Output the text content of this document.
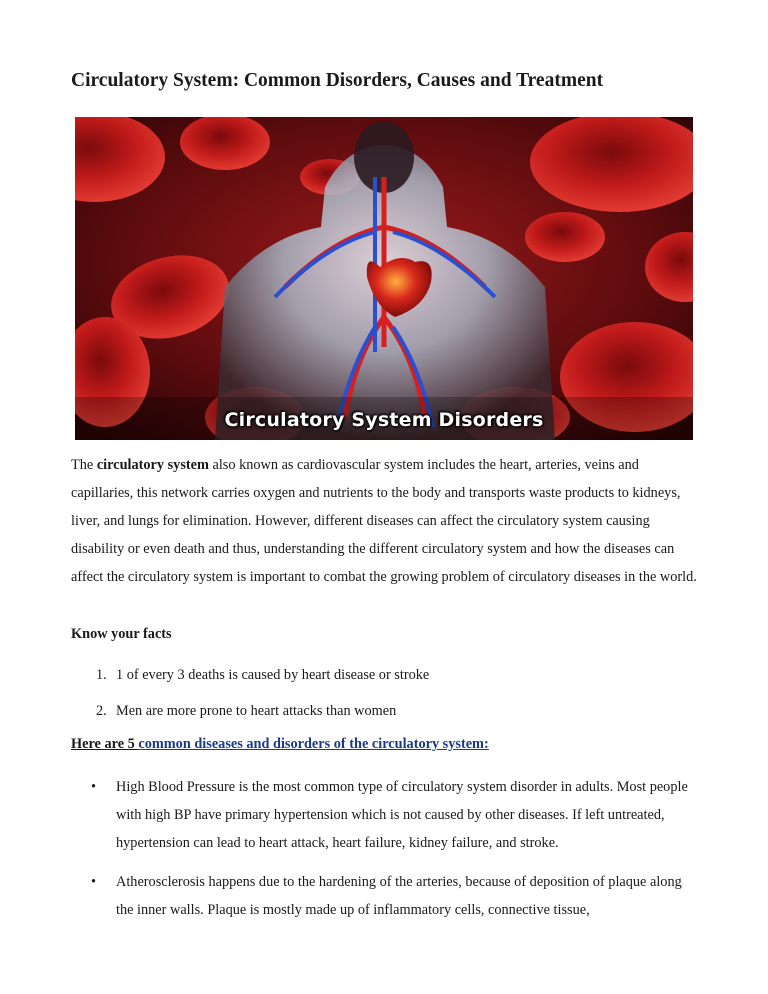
Circulatory System: Common Disorders, Causes and Treatment
Circulatory System Disorders

The circulatory system also known as cardiovascular system includes the heart, arteries, veins and capillaries, this network carries oxygen and nutrients to the body and transports waste products to kidneys, liver, and lungs for elimination. However, different diseases can affect the circulatory system causing disability or even death and thus, understanding the different circulatory system and how the diseases can affect the circulatory system is important to combat the growing problem of circulatory diseases in the world.

Know your facts

1. 1 of every 3 deaths is caused by heart disease or stroke
2. Men are more prone to heart attacks than women

Here are 5 common diseases and disorders of the circulatory system:

• High Blood Pressure is the most common type of circulatory system disorder in adults. Most people with high BP have primary hypertension which is not caused by other diseases. If left untreated, hypertension can lead to heart attack, heart failure, kidney failure, and stroke.
• Atherosclerosis happens due to the hardening of the arteries, because of deposition of plaque along the inner walls. Plaque is mostly made up of inflammatory cells, connective tissue,
